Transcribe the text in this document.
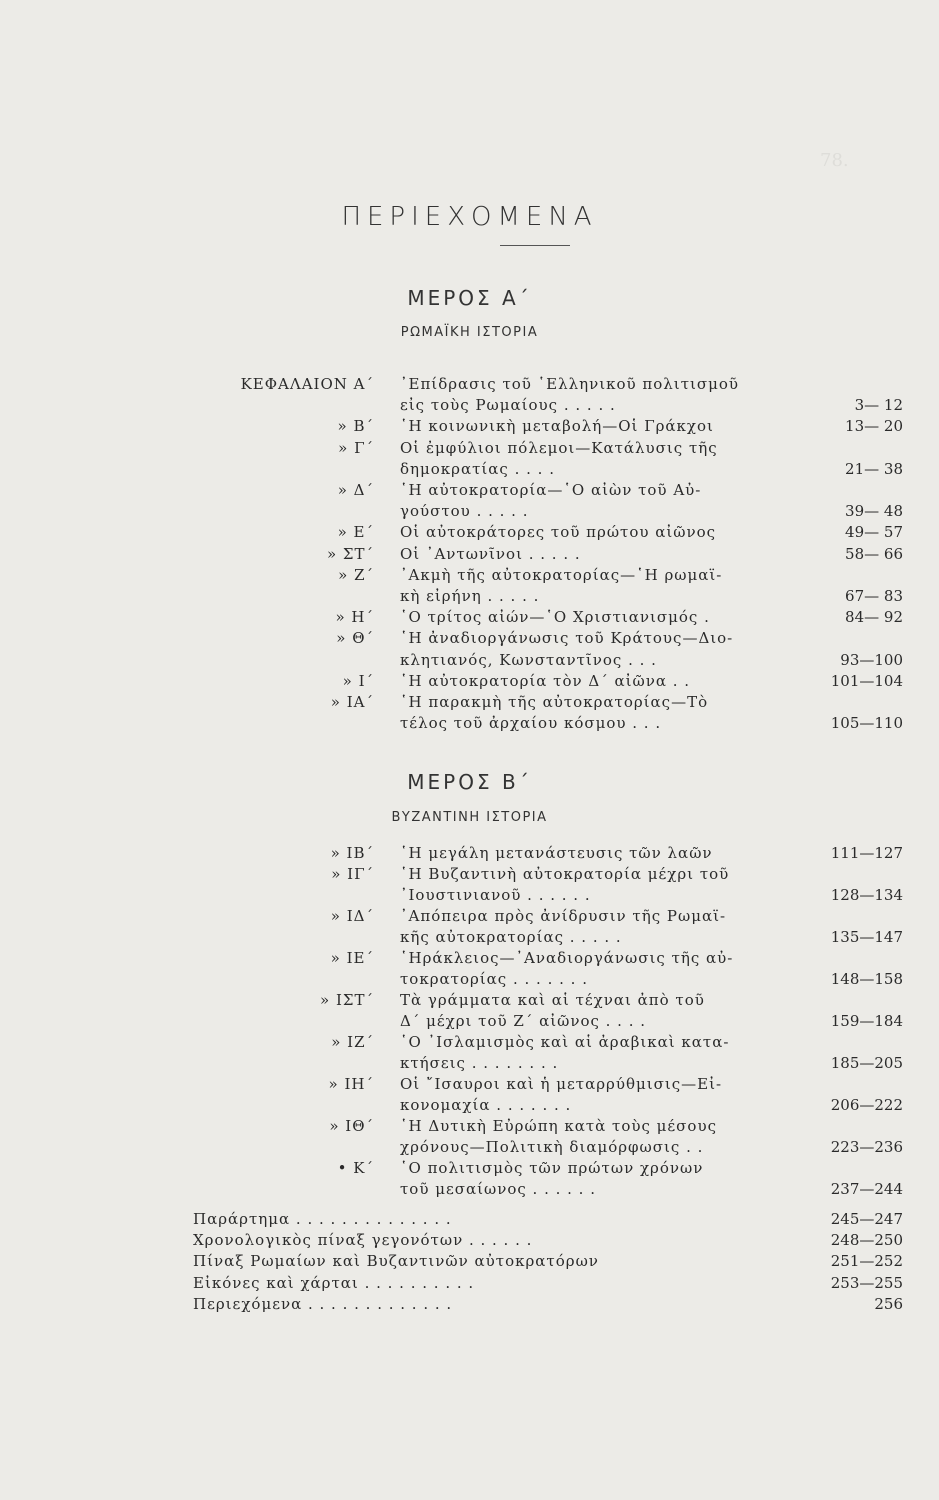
78.
ΠΕΡΙΕΧΟΜΕΝΑ
ΜΕΡΟΣ Α΄
ΡΩΜΑΪΚΗ ΙΣΤΟΡΙΑ
ΚΕΦΑΛΑΙΟΝ Α΄ ᾽Επίδρασις τοῦ ῾Ελληνικοῦ πολιτισμοῦ
εἰς τοὺς Ρωμαίους . . . . .	3— 12
» Β΄ ῾Η κοινωνικὴ μεταβολή—Οἱ Γράκχοι	13— 20
» Γ΄ Οἱ ἐμφύλιοι πόλεμοι—Κατάλυσις τῆς
δημοκρατίας . . . .	21— 38
» Δ΄ ῾Η αὐτοκρατορία—῾Ο αἰὼν τοῦ Αὐ-
γούστου . . . . .	39— 48
» Ε΄ Οἱ αὐτοκράτορες τοῦ πρώτου αἰῶνος	49— 57
» ΣΤ΄ Οἱ ᾽Αντωνῖνοι . . . . .	58— 66
» Ζ΄ ᾽Ακμὴ τῆς αὐτοκρατορίας—῾Η ρωμαϊ-
κὴ εἰρήνη . . . . .	67— 83
» Η΄ ῾Ο τρίτος αἰών—῾Ο Χριστιανισμός .	84— 92
» Θ΄ ῾Η ἀναδιοργάνωσις τοῦ Κράτους—Διο-
κλητιανός, Κωνσταντῖνος . . .	93—100
» Ι΄ ῾Η αὐτοκρατορία τὸν Δ΄ αἰῶνα . .	101—104
» ΙΑ΄ ῾Η παρακμὴ τῆς αὐτοκρατορίας—Τὸ
τέλος τοῦ ἀρχαίου κόσμου . . .	105—110
ΜΕΡΟΣ Β΄
ΒΥΖΑΝΤΙΝΗ ΙΣΤΟΡΙΑ
» ΙΒ΄ ῾Η μεγάλη μετανάστευσις τῶν λαῶν	111—127
» ΙΓ΄ ῾Η Βυζαντινὴ αὐτοκρατορία μέχρι τοῦ
᾽Ιουστινιανοῦ . . . . . .	128—134
» ΙΔ΄ ᾽Απόπειρα πρὸς ἀνίδρυσιν τῆς Ρωμαϊ-
κῆς αὐτοκρατορίας . . . . .	135—147
» ΙΕ΄ ῾Ηράκλειος—᾽Αναδιοργάνωσις τῆς αὐ-
τοκρατορίας . . . . . . .	148—158
» ΙΣΤ΄ Τὰ γράμματα καὶ αἱ τέχναι ἀπὸ τοῦ
Δ΄ μέχρι τοῦ Ζ΄ αἰῶνος . . . .	159—184
» ΙΖ΄ ῾Ο ᾽Ισλαμισμὸς καὶ αἱ ἀραβικαὶ κατα-
κτήσεις . . . . . . . .	185—205
» ΙΗ΄ Οἱ ῎Ισαυροι καὶ ἡ μεταρρύθμισις—Εἰ-
κονομαχία . . . . . . .	206—222
» ΙΘ΄ ῾Η Δυτικὴ Εὐρώπη κατὰ τοὺς μέσους
χρόνους—Πολιτικὴ διαμόρφωσις . .	223—236
• Κ΄ ῾Ο πολιτισμὸς τῶν πρώτων χρόνων
τοῦ μεσαίωνος . . . . . .	237—244
Παράρτημα . . . . . . . . . . . . . .	245—247
Χρονολογικὸς πίναξ γεγονότων . . . . . .	248—250
Πίναξ Ρωμαίων καὶ Βυζαντινῶν αὐτοκρατόρων	251—252
Εἰκόνες καὶ χάρται . . . . . . . . . .	253—255
Περιεχόμενα . . . . . . . . . . . . .	256
